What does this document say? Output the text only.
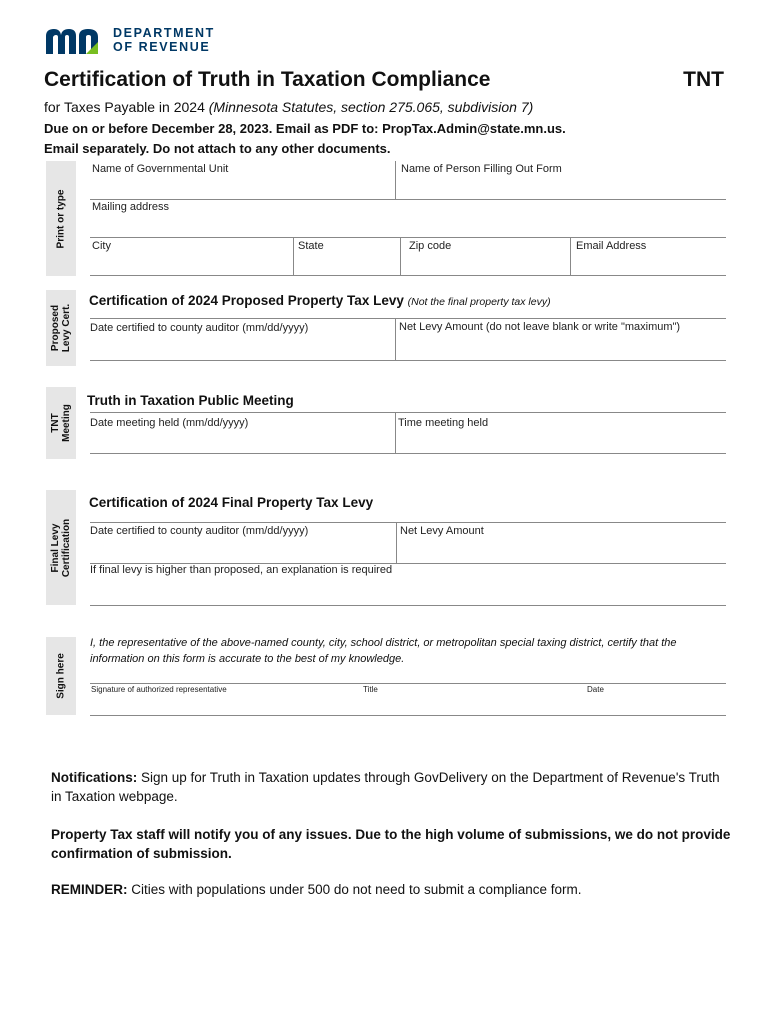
DEPARTMENT
OF REVENUE
Certification of Truth in Taxation Compliance	TNT
for Taxes Payable in 2024 (Minnesota Statutes, section 275.065, subdivision 7)
Due on or before December 28, 2023. Email as PDF to: PropTax.Admin@state.mn.us.
Email separately. Do not attach to any other documents.
Print or type
Name of Governmental Unit	Name of Person Filling Out Form
Mailing address
City	State	Zip code	Email Address
Proposed
Levy Cert.
Certification of 2024 Proposed Property Tax Levy (Not the final property tax levy)
Date certified to county auditor (mm/dd/yyyy)	Net Levy Amount (do not leave blank or write "maximum")
TNT
Meeting
Truth in Taxation Public Meeting
Date meeting held (mm/dd/yyyy)	Time meeting held
Final Levy
Certification
Certification of 2024 Final Property Tax Levy
Date certified to county auditor (mm/dd/yyyy)	Net Levy Amount
If final levy is higher than proposed, an explanation is required
Sign here
I, the representative of the above-named county, city, school district, or metropolitan special taxing district, certify that the information on this form is accurate to the best of my knowledge.
Signature of authorized representative	Title	Date
Notifications: Sign up for Truth in Taxation updates through GovDelivery on the Department of Revenue's Truth in Taxation webpage.
Property Tax staff will notify you of any issues. Due to the high volume of submissions, we do not provide confirmation of submission.
REMINDER: Cities with populations under 500 do not need to submit a compliance form.
